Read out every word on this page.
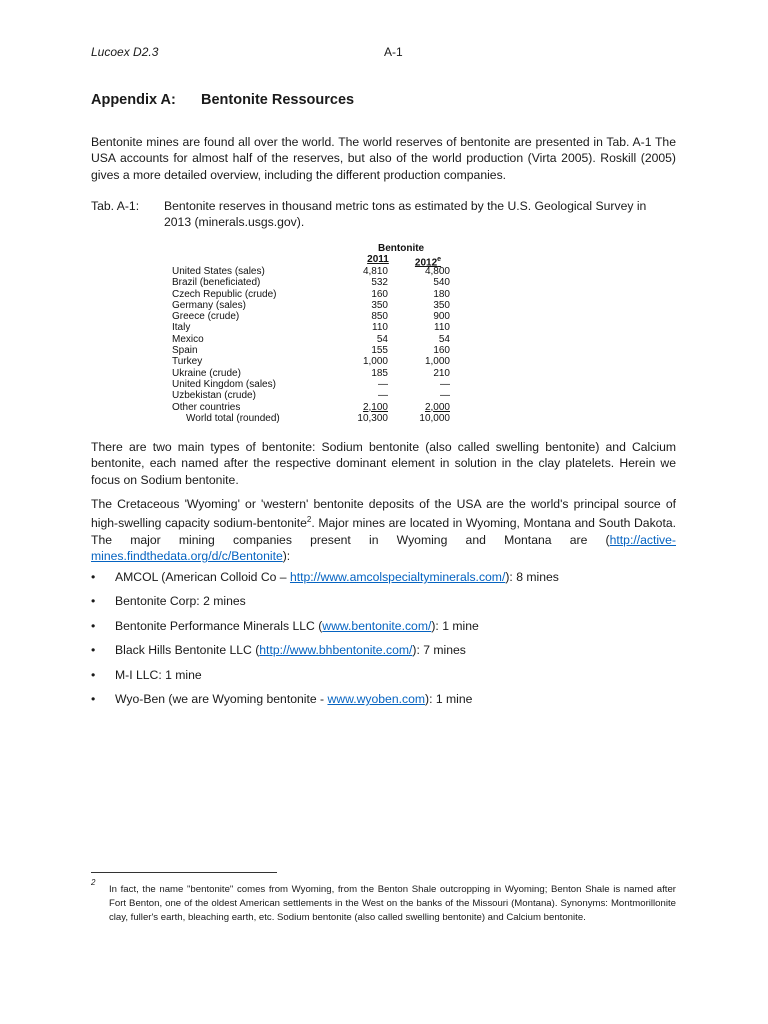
Lucoex D2.3	A-1
Appendix A: Bentonite Ressources

Bentonite mines are found all over the world. The world reserves of bentonite are presented in Tab. A-1 The USA accounts for almost half of the reserves, but also of the world production (Virta 2005). Roskill (2005) gives a more detailed overview, including the different production companies.

Tab. A-1: Bentonite reserves in thousand metric tons as estimated by the U.S. Geological Survey in 2013 (minerals.usgs.gov).
Bentonite
2011	2012e
United States (sales)	4,810	4,800
Brazil (beneficiated)	532	540
Czech Republic (crude)	160	180
Germany (sales)	350	350
Greece (crude)	850	900
Italy	110	110
Mexico	54	54
Spain	155	160
Turkey	1,000	1,000
Ukraine (crude)	185	210
United Kingdom (sales)	—	—
Uzbekistan (crude)	—	—
Other countries	2,100	2,000
World total (rounded)	10,300	10,000

There are two main types of bentonite: Sodium bentonite (also called swelling bentonite) and Calcium bentonite, each named after the respective dominant element in solution in the clay platelets. Herein we focus on Sodium bentonite.

The Cretaceous 'Wyoming' or 'western' bentonite deposits of the USA are the world's principal source of high-swelling capacity sodium-bentonite$^2$. Major mines are located in Wyoming, Montana and South Dakota. The major mining companies present in Wyoming and Montana are (http://active-mines.findthedata.org/d/c/Bentonite):

• AMCOL (American Colloid Co – http://www.amcolspecialtyminerals.com/): 8 mines
• Bentonite Corp: 2 mines
• Bentonite Performance Minerals LLC (www.bentonite.com/): 1 mine
• Black Hills Bentonite LLC (http://www.bhbentonite.com/): 7 mines
• M-I LLC: 1 mine
• Wyo-Ben (we are Wyoming bentonite - www.wyoben.com): 1 mine
2

In fact, the name "bentonite" comes from Wyoming, from the Benton Shale outcropping in Wyoming; Benton Shale is named after Fort Benton, one of the oldest American settlements in the West on the banks of the Missouri (Montana). Synonyms: Montmorillonite clay, fuller's earth, bleaching earth, etc. Sodium bentonite (also called swelling bentonite) and Calcium bentonite.
